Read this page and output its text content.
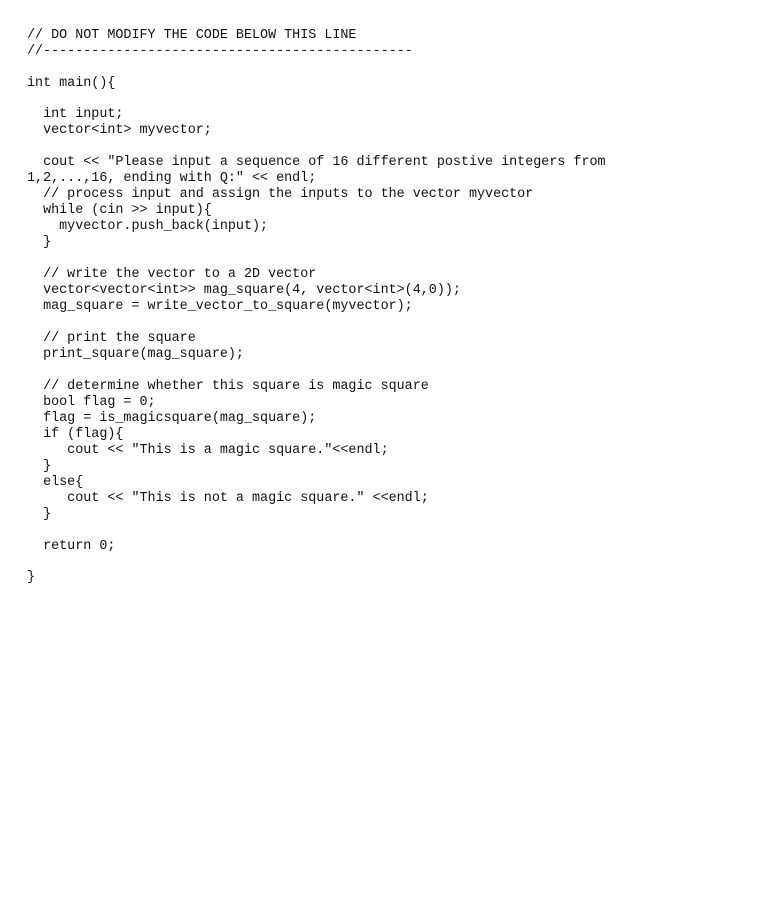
// DO NOT MODIFY THE CODE BELOW THIS LINE
//----------------------------------------------
int main(){
int input;
vector<int> myvector;
cout << "Please input a sequence of 16 different postive integers from
1,2,...,16, ending with Q:" << endl;
// process input and assign the inputs to the vector myvector
while (cin >> input){
myvector.push_back(input);
}
// write the vector to a 2D vector
vector<vector<int>> mag_square(4, vector<int>(4,0));
mag_square = write_vector_to_square(myvector);
// print the square
print_square(mag_square);
// determine whether this square is magic square
bool flag = 0;
flag = is_magicsquare(mag_square);
if (flag){
cout << "This is a magic square."<<endl;
}
else{
cout << "This is not a magic square." <<endl;
}
return 0;
}
